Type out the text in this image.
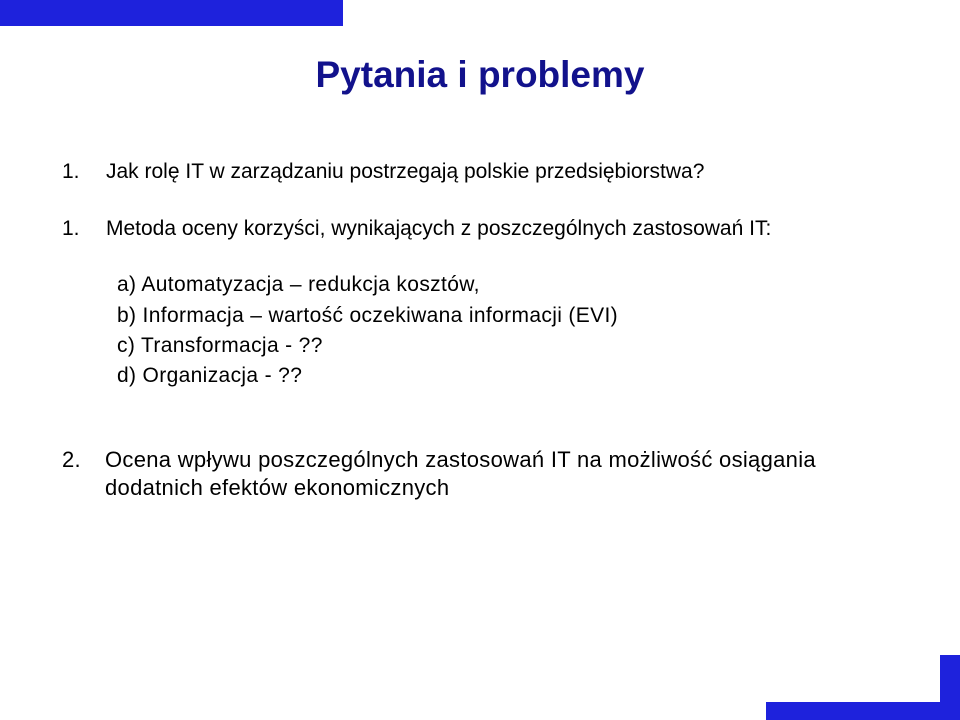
Pytania i problemy
1. Jak rolę IT w zarządzaniu postrzegają polskie przedsiębiorstwa?
1. Metoda oceny korzyści, wynikających z poszczególnych zastosowań IT:
a) Automatyzacja – redukcja kosztów,
b) Informacja – wartość oczekiwana informacji (EVI)
c) Transformacja - ??
d) Organizacja - ??
2. Ocena wpływu poszczególnych zastosowań IT na możliwość osiągania dodatnich efektów ekonomicznych
